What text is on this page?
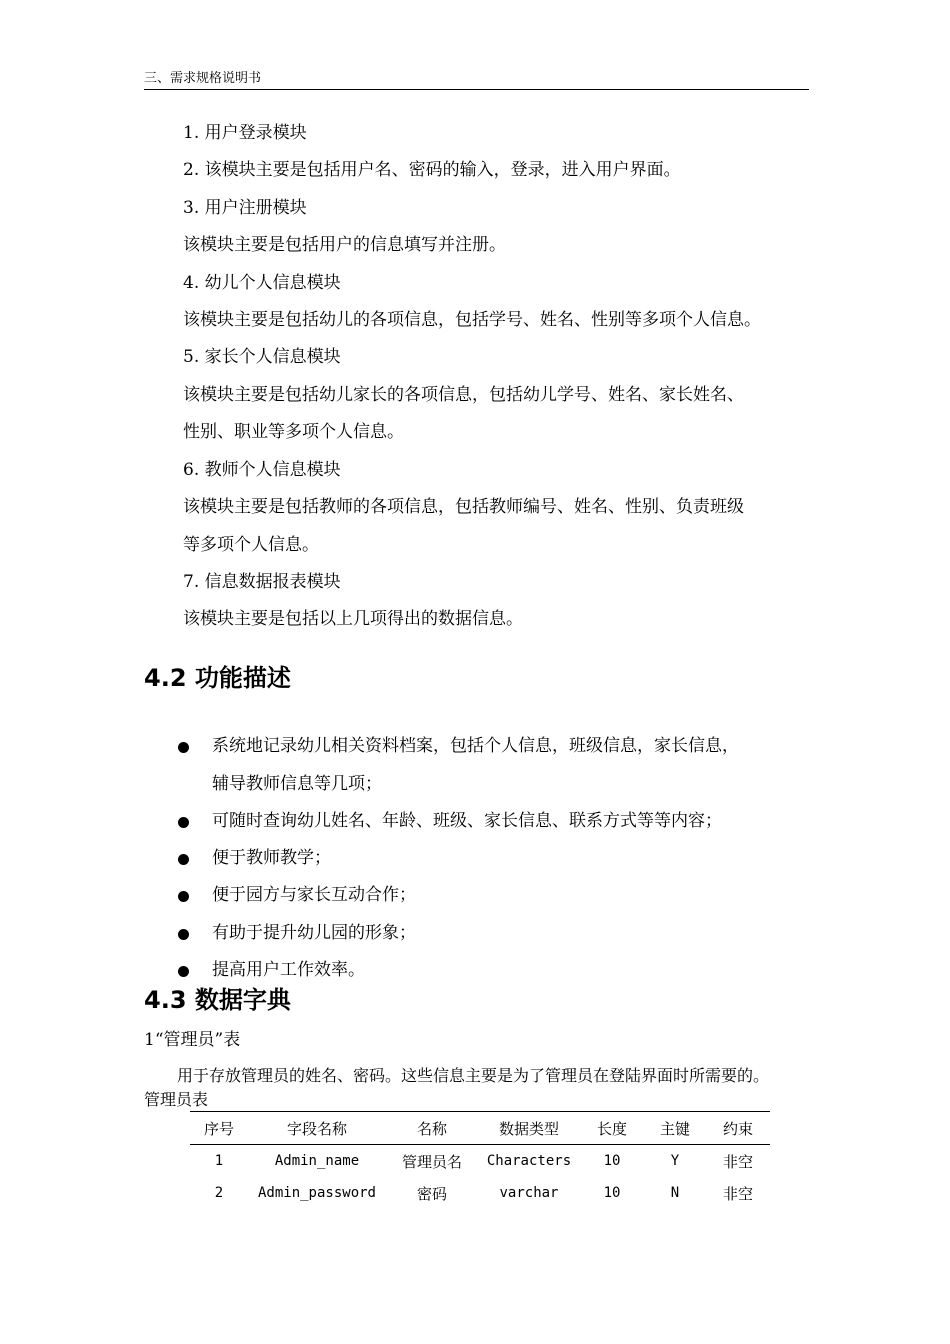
三、需求规格说明书
1. 用户登录模块
2. 该模块主要是包括用户名、密码的输入，登录，进入用户界面。
3. 用户注册模块
该模块主要是包括用户的信息填写并注册。
4. 幼儿个人信息模块
该模块主要是包括幼儿的各项信息，包括学号、姓名、性别等多项个人信息。
5. 家长个人信息模块
该模块主要是包括幼儿家长的各项信息，包括幼儿学号、姓名、家长姓名、
性别、职业等多项个人信息。
6. 教师个人信息模块
该模块主要是包括教师的各项信息，包括教师编号、姓名、性别、负责班级
等多项个人信息。
7. 信息数据报表模块
该模块主要是包括以上几项得出的数据信息。
4.2 功能描述
系统地记录幼儿相关资料档案，包括个人信息，班级信息，家长信息，
辅导教师信息等几项；
可随时查询幼儿姓名、年龄、班级、家长信息、联系方式等等内容；
便于教师教学；
便于园方与家长互动合作；
有助于提升幼儿园的形象；
提高用户工作效率。
4.3 数据字典
1“管理员”表
用于存放管理员的姓名、密码。这些信息主要是为了管理员在登陆界面时所需要的。
管理员表
序号	字段名称	名称	数据类型	长度	主键	约束
1	Admin_name	管理员名	Characters	10	Y	非空
2	Admin_password	密码	varchar	10	N	非空
